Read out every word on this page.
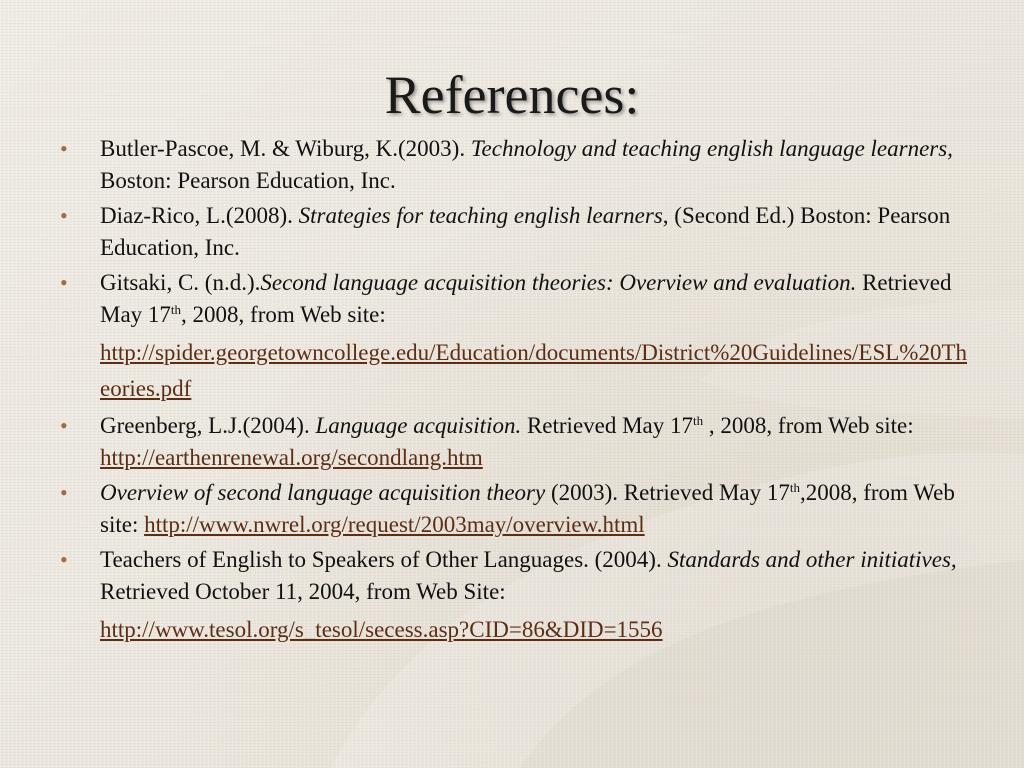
References:
•	Butler-Pascoe, M. & Wiburg, K.(2003). Technology and teaching english language learners, Boston: Pearson Education, Inc.
•	Diaz-Rico, L.(2008). Strategies for teaching english learners, (Second Ed.) Boston: Pearson Education, Inc.
•	Gitsaki, C. (n.d.).Second language acquisition theories: Overview and evaluation. Retrieved May 17th, 2008, from Web site:
http://spider.georgetowncollege.edu/Education/documents/District%20Guidelines/ESL%20Theories.pdf
•	Greenberg, L.J.(2004). Language acquisition. Retrieved May 17th , 2008, from Web site: http://earthenrenewal.org/secondlang.htm
•	Overview of second language acquisition theory (2003). Retrieved May 17th,2008, from Web site: http://www.nwrel.org/request/2003may/overview.html
•	Teachers of English to Speakers of Other Languages. (2004). Standards and other initiatives, Retrieved October 11, 2004, from Web Site:
http://www.tesol.org/s_tesol/secess.asp?CID=86&DID=1556
